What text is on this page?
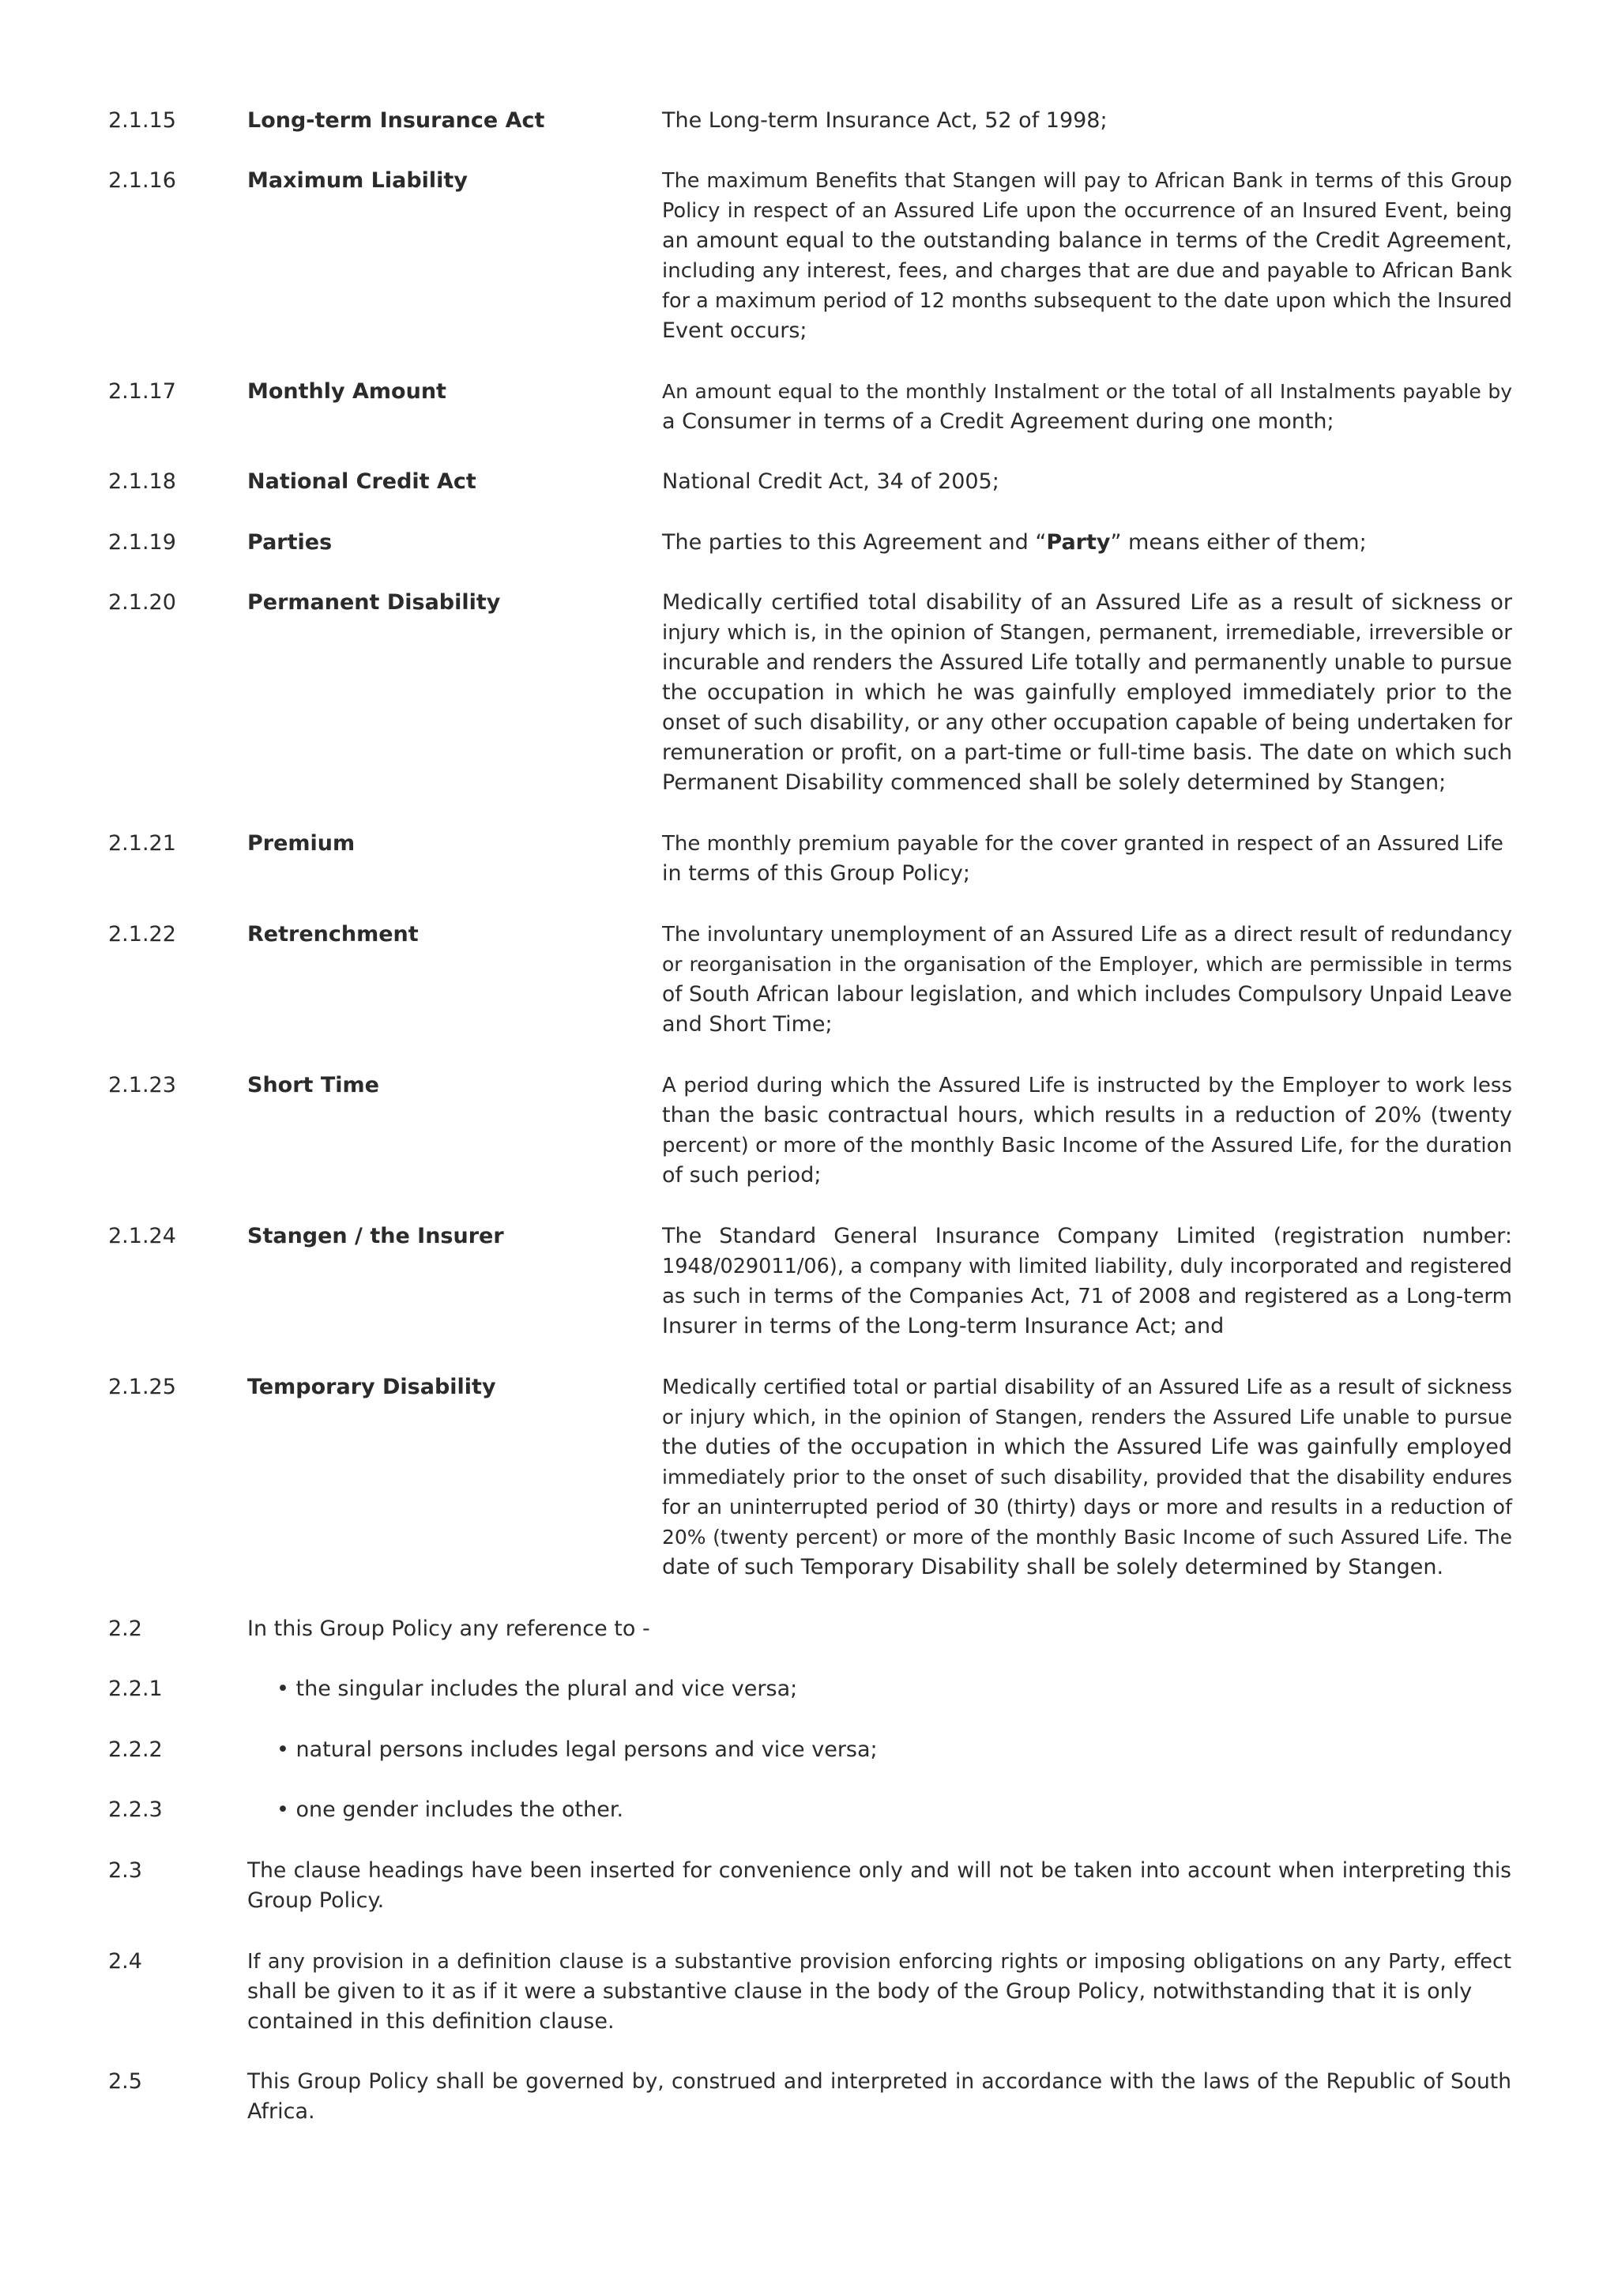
2.1.15	Long-term Insurance Act	The Long-term Insurance Act, 52 of 1998;
2.1.16	Maximum Liability	The maximum Benefits that Stangen will pay to African Bank in terms of this Group
Policy in respect of an Assured Life upon the occurrence of an Insured Event, being
an amount equal to the outstanding balance in terms of the Credit Agreement,
including any interest, fees, and charges that are due and payable to African Bank
for a maximum period of 12 months subsequent to the date upon which the Insured
Event occurs;
2.1.17	Monthly Amount	An amount equal to the monthly Instalment or the total of all Instalments payable by
a Consumer in terms of a Credit Agreement during one month;
2.1.18	National Credit Act	National Credit Act, 34 of 2005;
2.1.19	Parties	The parties to this Agreement and “Party” means either of them;
2.1.20	Permanent Disability	Medically certified total disability of an Assured Life as a result of sickness or
injury which is, in the opinion of Stangen, permanent, irremediable, irreversible or
incurable and renders the Assured Life totally and permanently unable to pursue
the occupation in which he was gainfully employed immediately prior to the
onset of such disability, or any other occupation capable of being undertaken for
remuneration or profit, on a part-time or full-time basis. The date on which such
Permanent Disability commenced shall be solely determined by Stangen;
2.1.21	Premium	The monthly premium payable for the cover granted in respect of an Assured Life
in terms of this Group Policy;
2.1.22	Retrenchment	The involuntary unemployment of an Assured Life as a direct result of redundancy
or reorganisation in the organisation of the Employer, which are permissible in terms
of South African labour legislation, and which includes Compulsory Unpaid Leave
and Short Time;
2.1.23	Short Time	A period during which the Assured Life is instructed by the Employer to work less
than the basic contractual hours, which results in a reduction of 20% (twenty
percent) or more of the monthly Basic Income of the Assured Life, for the duration
of such period;
2.1.24	Stangen / the Insurer	The Standard General Insurance Company Limited (registration number:
1948/029011/06), a company with limited liability, duly incorporated and registered
as such in terms of the Companies Act, 71 of 2008 and registered as a Long-term
Insurer in terms of the Long-term Insurance Act; and
2.1.25	Temporary Disability	Medically certified total or partial disability of an Assured Life as a result of sickness
or injury which, in the opinion of Stangen, renders the Assured Life unable to pursue
the duties of the occupation in which the Assured Life was gainfully employed
immediately prior to the onset of such disability, provided that the disability endures
for an uninterrupted period of 30 (thirty) days or more and results in a reduction of
20% (twenty percent) or more of the monthly Basic Income of such Assured Life. The
date of such Temporary Disability shall be solely determined by Stangen.
2.2	In this Group Policy any reference to -
2.2.1	• the singular includes the plural and vice versa;
2.2.2	• natural persons includes legal persons and vice versa;
2.2.3	• one gender includes the other.
2.3	The clause headings have been inserted for convenience only and will not be taken into account when interpreting this
Group Policy.
2.4	If any provision in a definition clause is a substantive provision enforcing rights or imposing obligations on any Party, effect
shall be given to it as if it were a substantive clause in the body of the Group Policy, notwithstanding that it is only
contained in this definition clause.
2.5	This Group Policy shall be governed by, construed and interpreted in accordance with the laws of the Republic of South
Africa.
